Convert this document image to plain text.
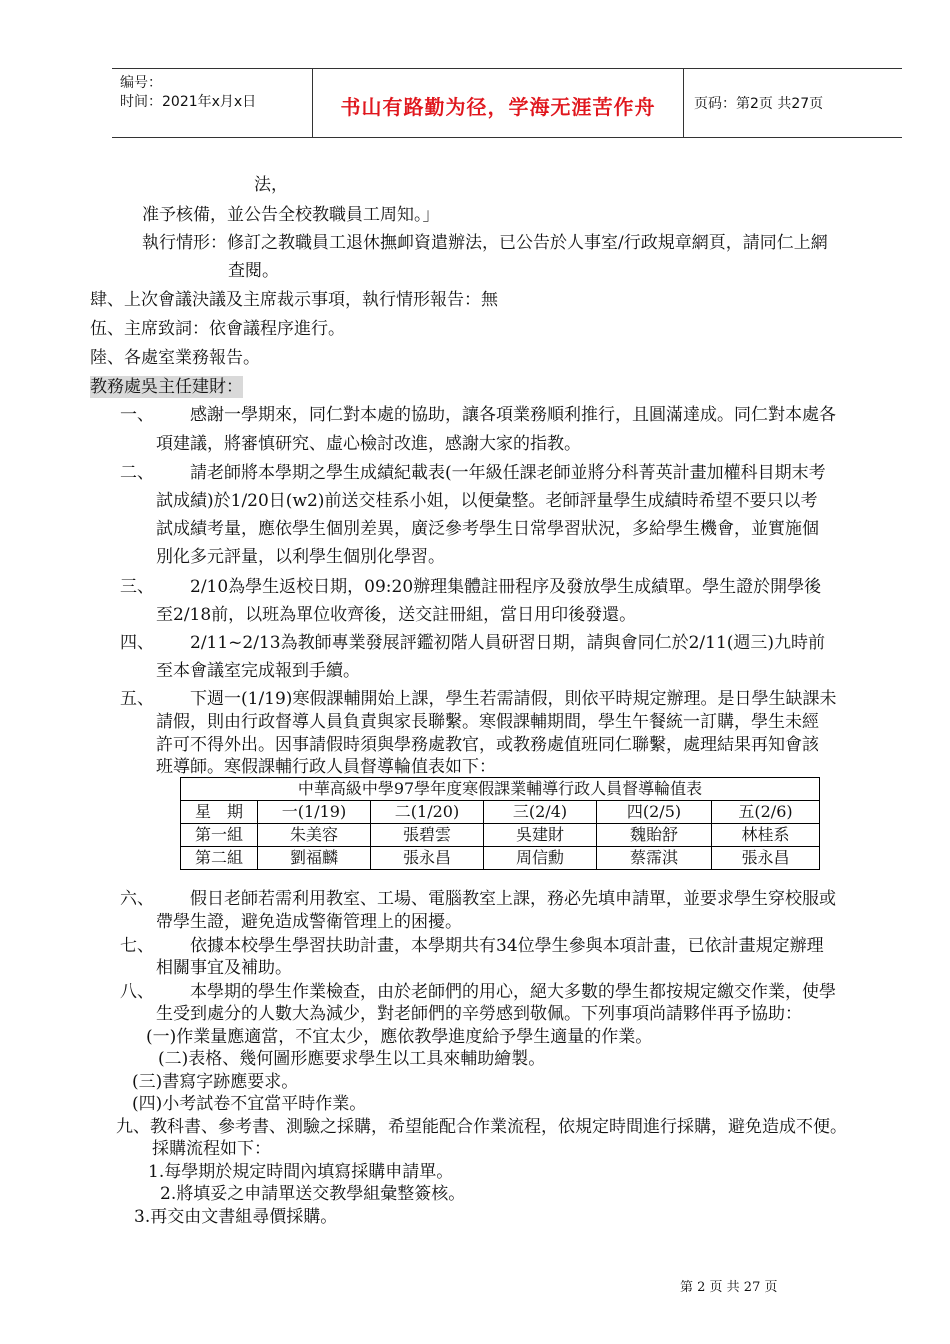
编号：
时间：2021年x月x日	书山有路勤为径，学海无涯苦作舟	页码：第2页 共27页
法，
准予核備，並公告全校教職員工周知。」
執行情形：修訂之教職員工退休撫卹資遣辦法，已公告於人事室/行政規章網頁，請同仁上網
查閱。
肆、上次會議決議及主席裁示事項，執行情形報告：無
伍、主席致詞：依會議程序進行。
陸、各處室業務報告。
教務處吳主任建財：
一、 感謝一學期來，同仁對本處的協助，讓各項業務順利推行，且圓滿達成。同仁對本處各
項建議，將審慎研究、虛心檢討改進，感謝大家的指教。
二、 請老師將本學期之學生成績紀載表(一年級任課老師並將分科菁英計畫加權科目期末考
試成績)於1/20日(w2)前送交桂系小姐，以便彙整。老師評量學生成績時希望不要只以考
試成績考量，應依學生個別差異，廣泛參考學生日常學習狀況，多給學生機會，並實施個
別化多元評量，以利學生個別化學習。
三、 2/10為學生返校日期，09:20辦理集體註冊程序及發放學生成績單。學生證於開學後
至2/18前，以班為單位收齊後，送交註冊組，當日用印後發還。
四、 2/11~2/13為教師專業發展評鑑初階人員研習日期，請與會同仁於2/11(週三)九時前
至本會議室完成報到手續。
五、 下週一(1/19)寒假課輔開始上課，學生若需請假，則依平時規定辦理。是日學生缺課未
請假，則由行政督導人員負責與家長聯繫。寒假課輔期間，學生午餐統一訂購，學生未經
許可不得外出。因事請假時須與學務處教官，或教務處值班同仁聯繫，處理結果再知會該
班導師。寒假課輔行政人員督導輪值表如下：
中華高級中學97學年度寒假課業輔導行政人員督導輪值表					
星　期	一(1/19)	二(1/20)	三(2/4)	四(2/5)	五(2/6)
第一組	朱美容	張碧雲	吳建財	魏貽舒	林桂系
第二組	劉福麟	張永昌	周信勳	蔡霈淇	張永昌
六、 假日老師若需利用教室、工場、電腦教室上課，務必先填申請單，並要求學生穿校服或
帶學生證，避免造成警衛管理上的困擾。
七、 依據本校學生學習扶助計畫，本學期共有34位學生參與本項計畫，已依計畫規定辦理
相關事宜及補助。
八、 本學期的學生作業檢查，由於老師們的用心，絕大多數的學生都按規定繳交作業，使學
生受到處分的人數大為減少，對老師們的辛勞感到敬佩。下列事項尚請夥伴再予協助：
(一)作業量應適當，不宜太少，應依教學進度給予學生適量的作業。
(二)表格、幾何圖形應要求學生以工具來輔助繪製。
(三)書寫字跡應要求。
(四)小考試卷不宜當平時作業。
九、教科書、參考書、測驗之採購，希望能配合作業流程，依規定時間進行採購，避免造成不便。
採購流程如下：
1.每學期於規定時間內填寫採購申請單。
2.將填妥之申請單送交教學組彙整簽核。
3.再交由文書組尋價採購。
第 2 页 共 27 页
